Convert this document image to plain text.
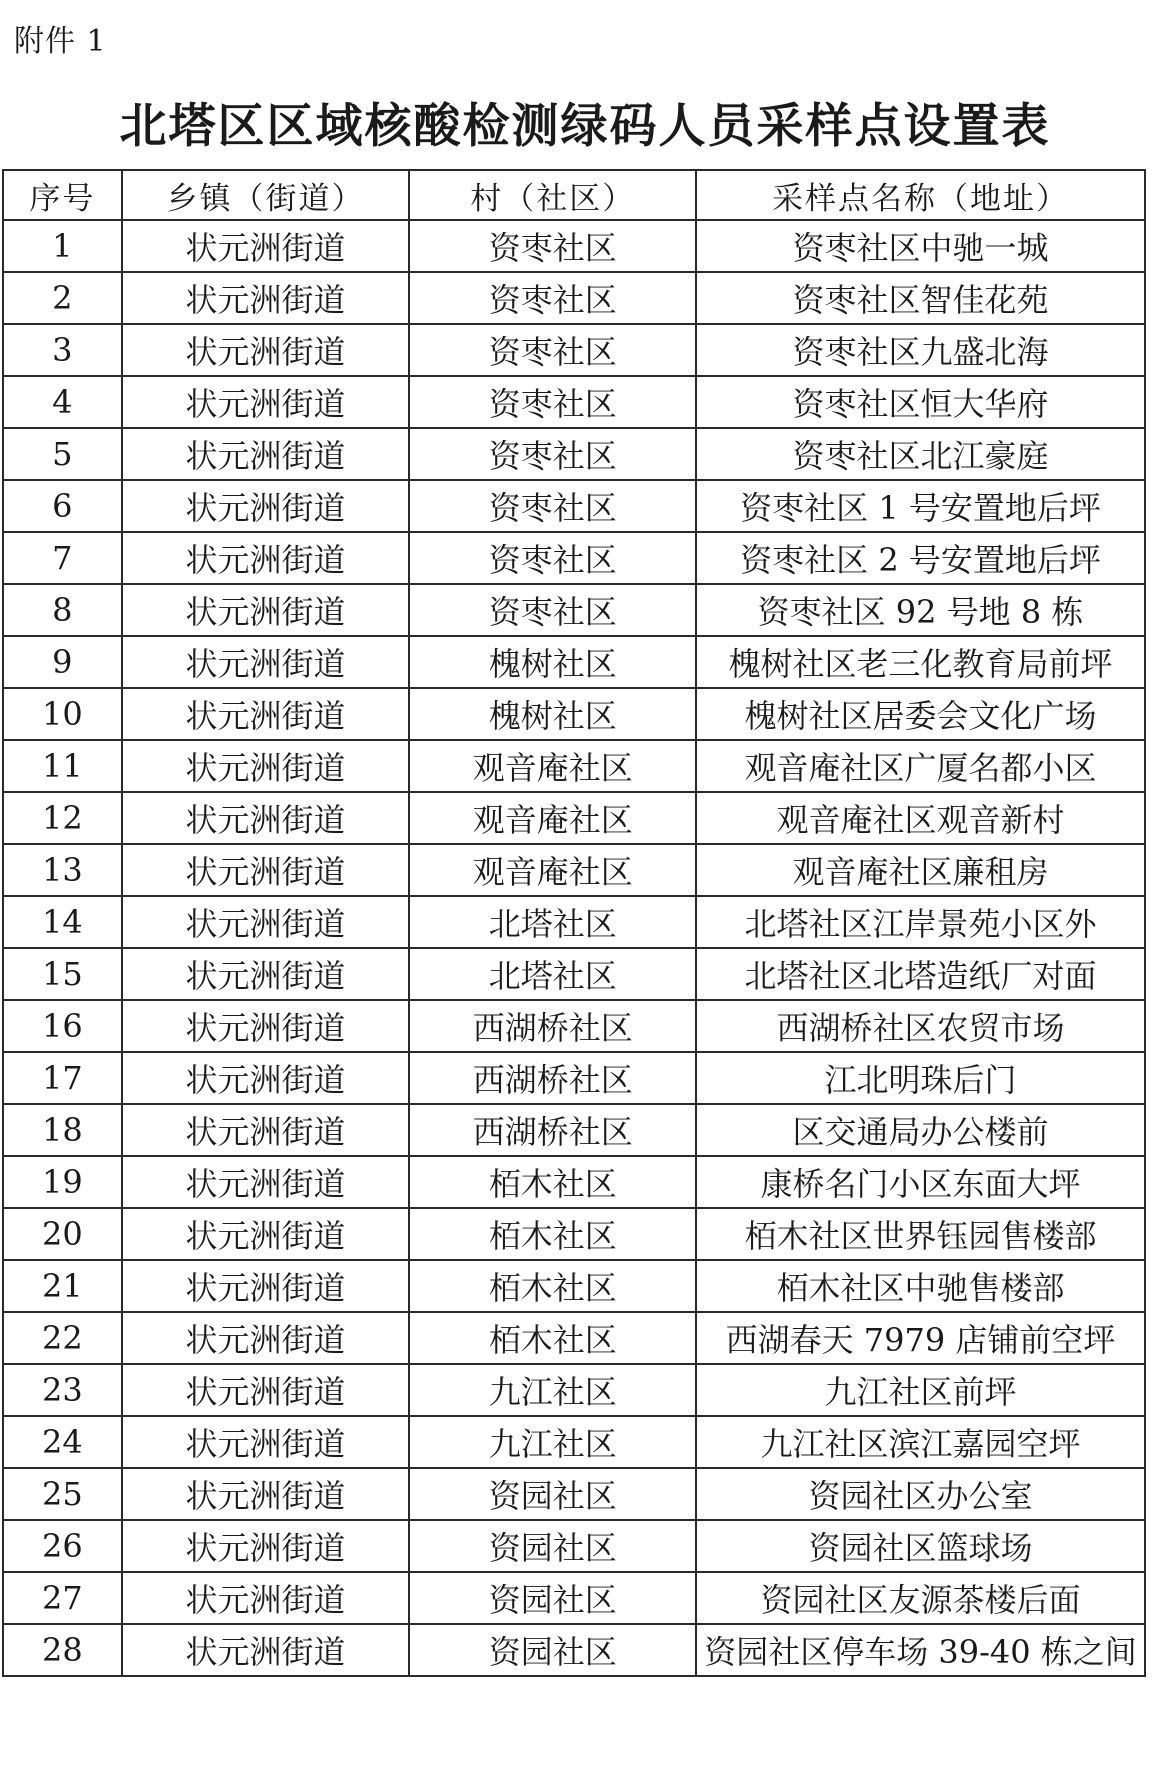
附件 1
北塔区区域核酸检测绿码人员采样点设置表
序号	乡镇（街道）	村（社区）	采样点名称（地址）
1	状元洲街道	资枣社区	资枣社区中驰一城
2	状元洲街道	资枣社区	资枣社区智佳花苑
3	状元洲街道	资枣社区	资枣社区九盛北海
4	状元洲街道	资枣社区	资枣社区恒大华府
5	状元洲街道	资枣社区	资枣社区北江豪庭
6	状元洲街道	资枣社区	资枣社区 1 号安置地后坪
7	状元洲街道	资枣社区	资枣社区 2 号安置地后坪
8	状元洲街道	资枣社区	资枣社区 92 号地 8 栋
9	状元洲街道	槐树社区	槐树社区老三化教育局前坪
10	状元洲街道	槐树社区	槐树社区居委会文化广场
11	状元洲街道	观音庵社区	观音庵社区广厦名都小区
12	状元洲街道	观音庵社区	观音庵社区观音新村
13	状元洲街道	观音庵社区	观音庵社区廉租房
14	状元洲街道	北塔社区	北塔社区江岸景苑小区外
15	状元洲街道	北塔社区	北塔社区北塔造纸厂对面
16	状元洲街道	西湖桥社区	西湖桥社区农贸市场
17	状元洲街道	西湖桥社区	江北明珠后门
18	状元洲街道	西湖桥社区	区交通局办公楼前
19	状元洲街道	栢木社区	康桥名门小区东面大坪
20	状元洲街道	栢木社区	栢木社区世界钰园售楼部
21	状元洲街道	栢木社区	栢木社区中驰售楼部
22	状元洲街道	栢木社区	西湖春天 7979 店铺前空坪
23	状元洲街道	九江社区	九江社区前坪
24	状元洲街道	九江社区	九江社区滨江嘉园空坪
25	状元洲街道	资园社区	资园社区办公室
26	状元洲街道	资园社区	资园社区篮球场
27	状元洲街道	资园社区	资园社区友源茶楼后面
28	状元洲街道	资园社区	资园社区停车场 39-40 栋之间
